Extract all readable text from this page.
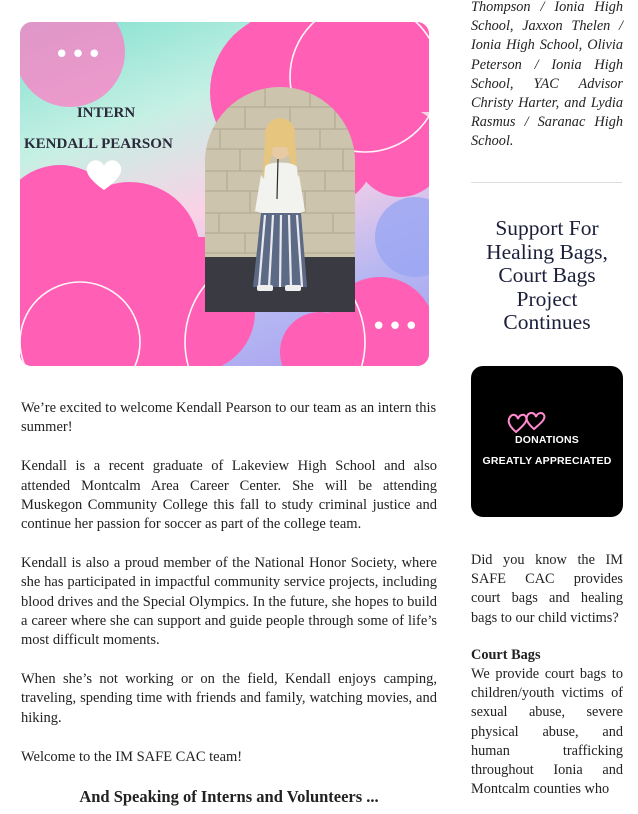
•••
•••
INTERN
KENDALL PEARSON

We’re excited to welcome Kendall Pearson to our team as an intern this summer!

Kendall is a recent graduate of Lakeview High School and also attended Montcalm Area Career Center. She will be attending Muskegon Community College this fall to study criminal justice and continue her passion for soccer as part of the college team.

Kendall is also a proud member of the National Honor Society, where she has participated in impactful community service projects, including blood drives and the Special Olympics. In the future, she hopes to build a career where she can support and guide people through some of life’s most difficult moments.

When she’s not working or on the field, Kendall enjoys camping, traveling, spending time with friends and family, watching movies, and hiking.

Welcome to the IM SAFE CAC team!

And Speaking of Interns and Volunteers ...
Thompson / Ionia High School, Jaxxon Thelen / Ionia High School, Olivia Peterson / Ionia High School, YAC Advisor Christy Harter, and Lydia Rasmus / Saranac High School.
Support For Healing Bags, Court Bags Project Continues
DONATIONS
GREATLY APPRECIATED

Did you know the IM SAFE CAC provides court bags and healing bags to our child victims?

Court Bags

We provide court bags to children/youth victims of sexual abuse, severe physical abuse, and human trafficking throughout Ionia and Montcalm counties who
